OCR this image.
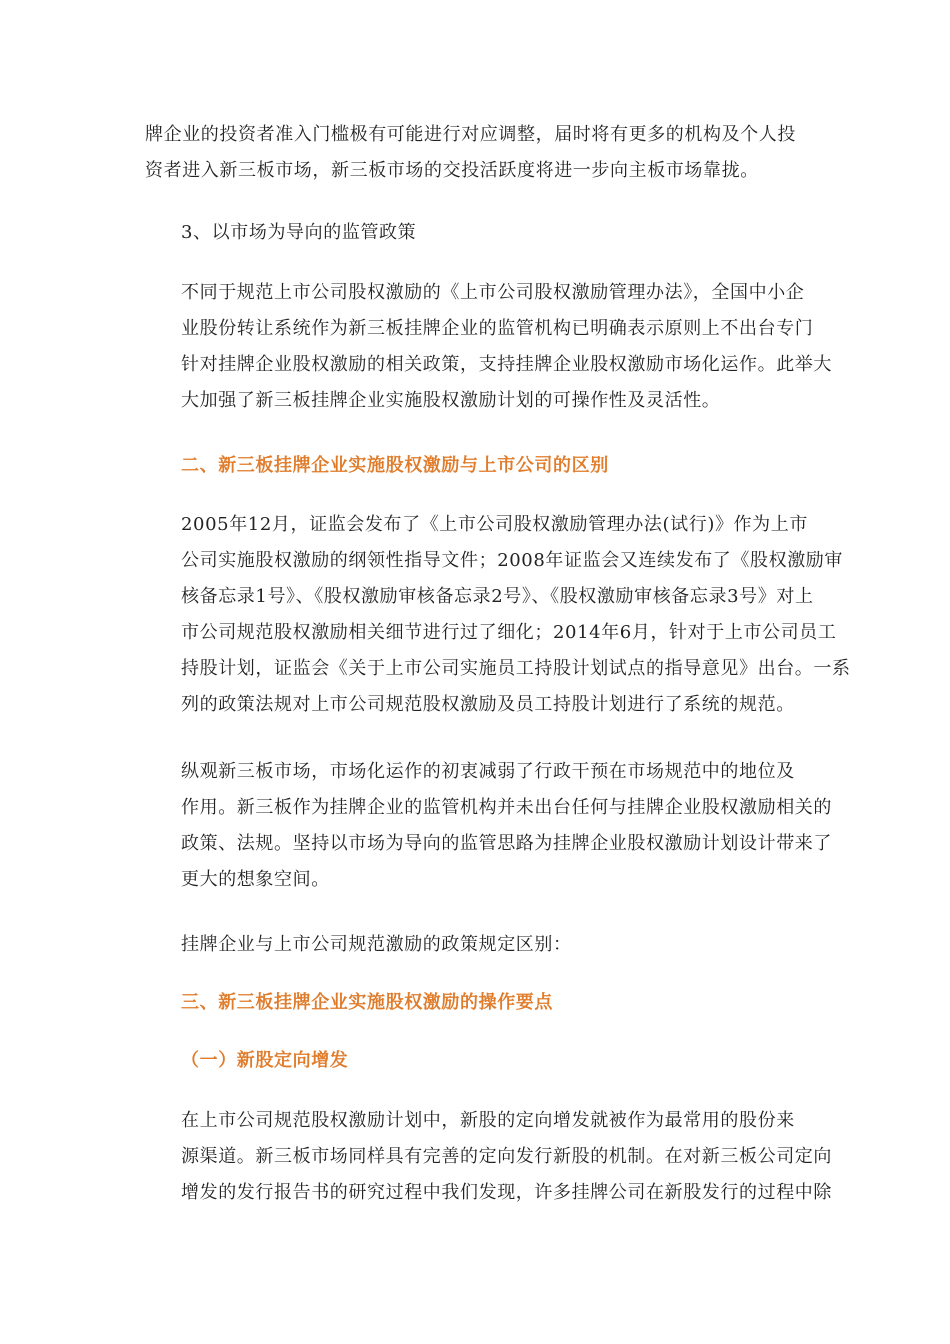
牌企业的投资者准入门槛极有可能进行对应调整，届时将有更多的机构及个人投
资者进入新三板市场，新三板市场的交投活跃度将进一步向主板市场靠拢。
3、以市场为导向的监管政策
不同于规范上市公司股权激励的《上市公司股权激励管理办法》，全国中小企
业股份转让系统作为新三板挂牌企业的监管机构已明确表示原则上不出台专门
针对挂牌企业股权激励的相关政策，支持挂牌企业股权激励市场化运作。此举大
大加强了新三板挂牌企业实施股权激励计划的可操作性及灵活性。
二、新三板挂牌企业实施股权激励与上市公司的区别
2005年12月，证监会发布了《上市公司股权激励管理办法(试行)》作为上市
公司实施股权激励的纲领性指导文件；2008年证监会又连续发布了《股权激励审
核备忘录1号》、《股权激励审核备忘录2号》、《股权激励审核备忘录3号》对上
市公司规范股权激励相关细节进行过了细化；2014年6月，针对于上市公司员工
持股计划，证监会《关于上市公司实施员工持股计划试点的指导意见》出台。一系
列的政策法规对上市公司规范股权激励及员工持股计划进行了系统的规范。
纵观新三板市场，市场化运作的初衷减弱了行政干预在市场规范中的地位及
作用。新三板作为挂牌企业的监管机构并未出台任何与挂牌企业股权激励相关的
政策、法规。坚持以市场为导向的监管思路为挂牌企业股权激励计划设计带来了
更大的想象空间。
挂牌企业与上市公司规范激励的政策规定区别：
三、新三板挂牌企业实施股权激励的操作要点
（一）新股定向增发
在上市公司规范股权激励计划中，新股的定向增发就被作为最常用的股份来
源渠道。新三板市场同样具有完善的定向发行新股的机制。在对新三板公司定向
增发的发行报告书的研究过程中我们发现，许多挂牌公司在新股发行的过程中除
